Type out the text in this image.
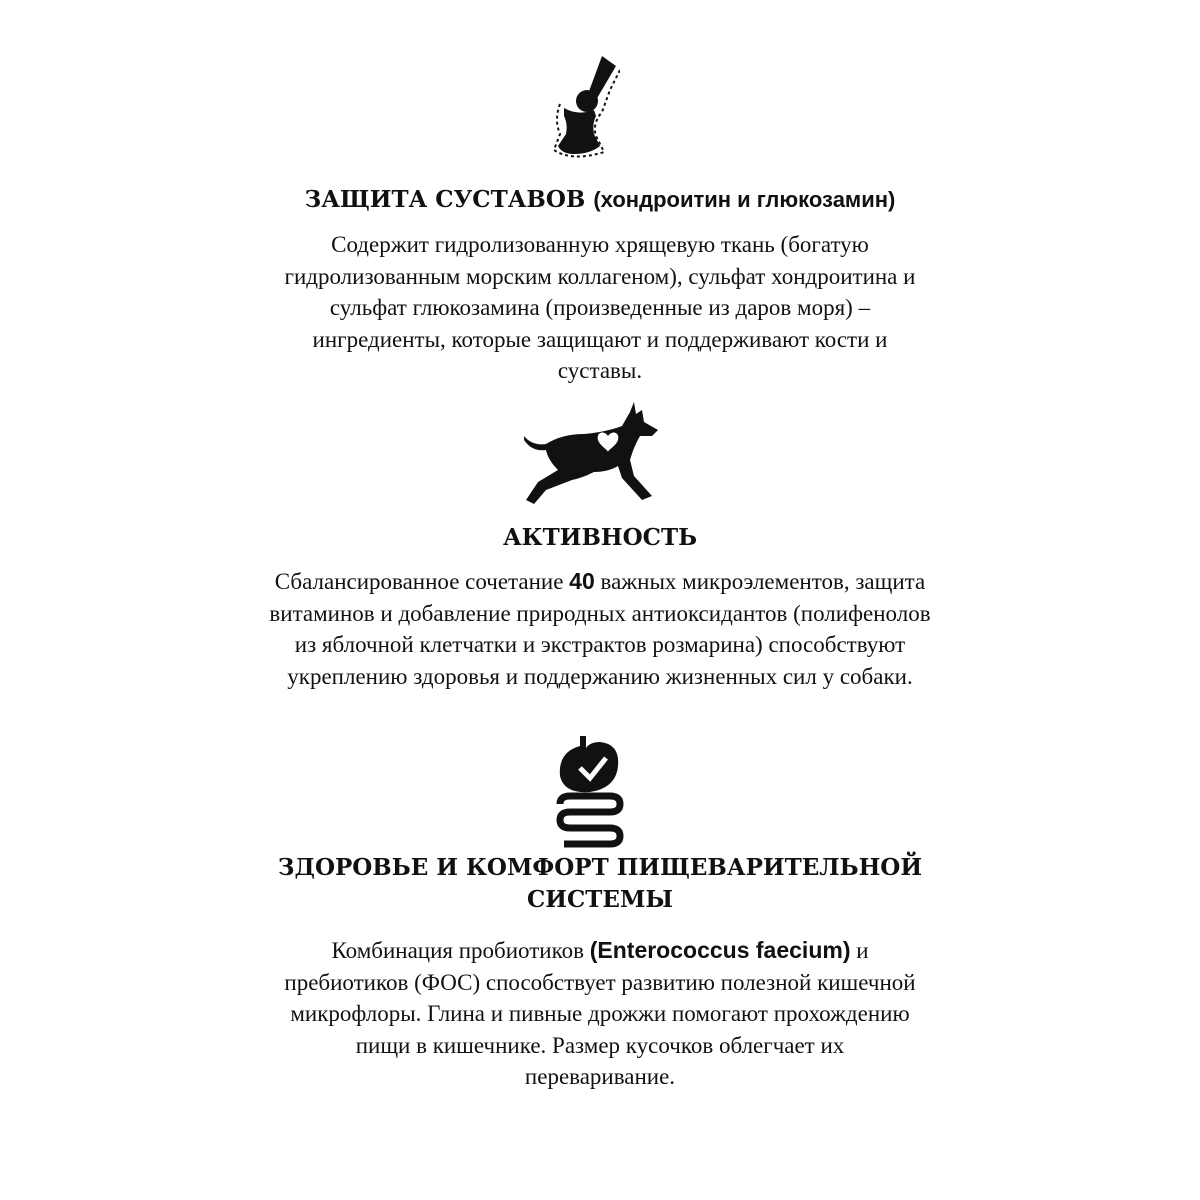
ЗАЩИТА СУСТАВОВ (хондроитин и глюкозамин)

Содержит гидролизованную хрящевую ткань (богатую
гидролизованным морским коллагеном), сульфат хондроитина и
сульфат глюкозамина (произведенные из даров моря) –
ингредиенты, которые защищают и поддерживают кости и
суставы.

АКТИВНОСТЬ

Сбалансированное сочетание 40 важных микроэлементов, защита
витаминов и добавление природных антиоксидантов (полифенолов
из яблочной клетчатки и экстрактов розмарина) способствуют
укреплению здоровья и поддержанию жизненных сил у собаки.

ЗДОРОВЬЕ И КОМФОРТ ПИЩЕВАРИТЕЛЬНОЙ
СИСТЕМЫ

Комбинация пробиотиков (Enterococcus faecium) и
пребиотиков (ФОС) способствует развитию полезной кишечной
микрофлоры. Глина и пивные дрожжи помогают прохождению
пищи в кишечнике. Размер кусочков облегчает их
переваривание.
